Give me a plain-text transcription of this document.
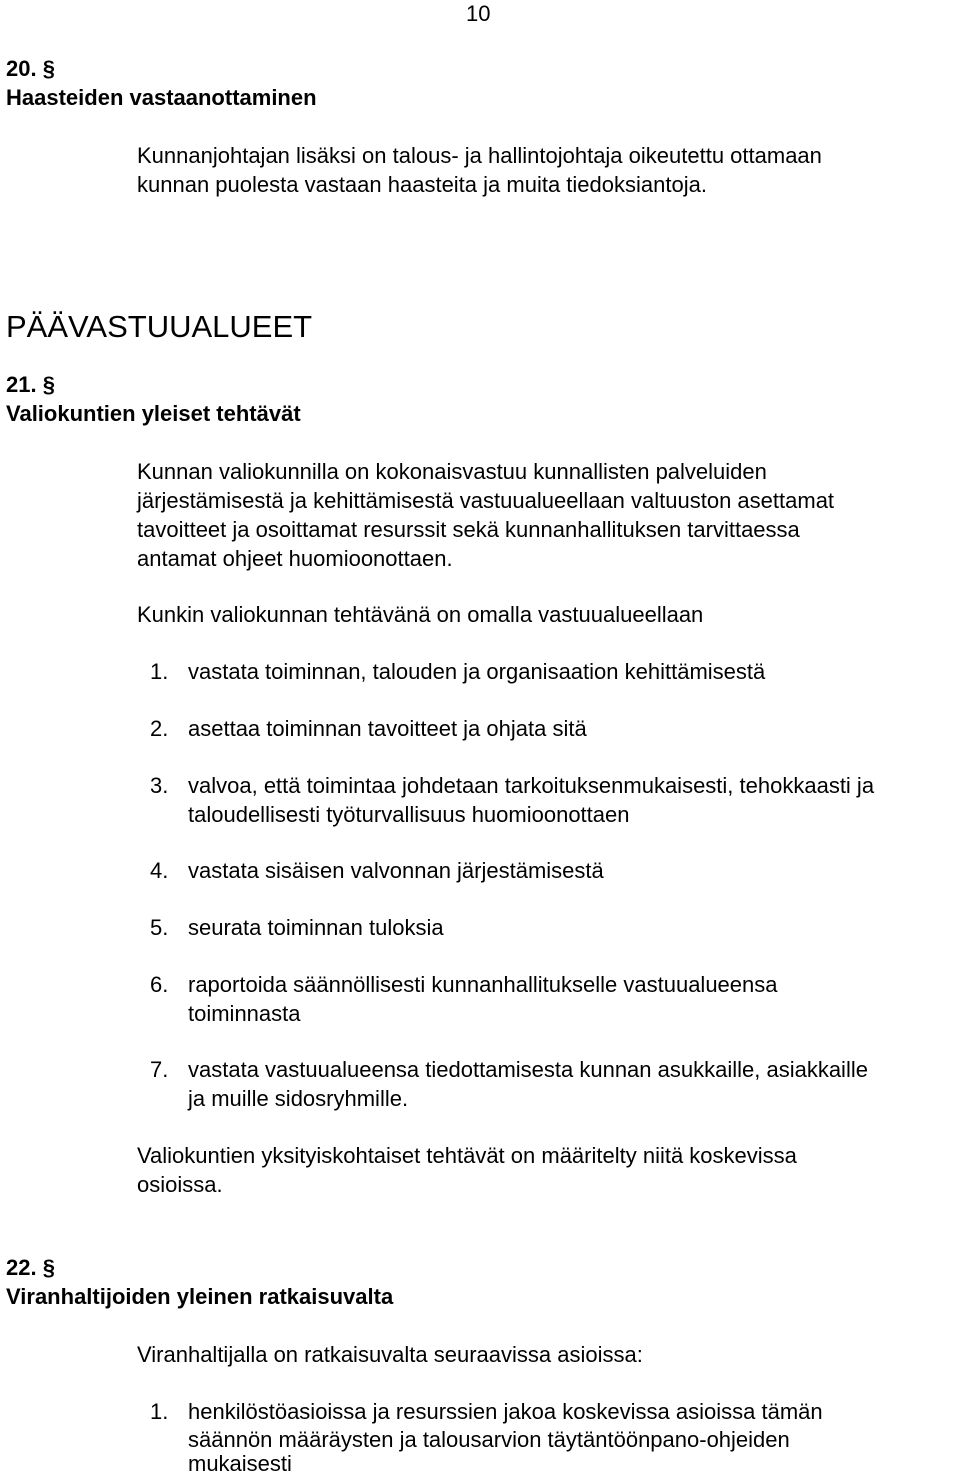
10
20. §
Haasteiden vastaanottaminen
Kunnanjohtajan lisäksi on talous- ja hallintojohtaja oikeutettu ottamaan
kunnan puolesta vastaan haasteita ja muita tiedoksiantoja.
PÄÄVASTUUALUEET
21. §
Valiokuntien yleiset tehtävät
Kunnan valiokunnilla on kokonaisvastuu kunnallisten palveluiden
järjestämisestä ja kehittämisestä vastuualueellaan valtuuston asettamat
tavoitteet ja osoittamat resurssit sekä kunnanhallituksen tarvittaessa
antamat ohjeet huomioonottaen.
Kunkin valiokunnan tehtävänä on omalla vastuualueellaan
1. vastata toiminnan, talouden ja organisaation kehittämisestä
2. asettaa toiminnan tavoitteet ja ohjata sitä
3. valvoa, että toimintaa johdetaan tarkoituksenmukaisesti, tehokkaasti ja
taloudellisesti työturvallisuus huomioonottaen
4. vastata sisäisen valvonnan järjestämisestä
5. seurata toiminnan tuloksia
6. raportoida säännöllisesti kunnanhallitukselle vastuualueensa
toiminnasta
7. vastata vastuualueensa tiedottamisesta kunnan asukkaille, asiakkaille
ja muille sidosryhmille.
Valiokuntien yksityiskohtaiset tehtävät on määritelty niitä koskevissa
osioissa.
22. §
Viranhaltijoiden yleinen ratkaisuvalta
Viranhaltijalla on ratkaisuvalta seuraavissa asioissa:
1. henkilöstöasioissa ja resurssien jakoa koskevissa asioissa tämän
säännön määräysten ja talousarvion täytäntöönpano-ohjeiden
mukaisesti
